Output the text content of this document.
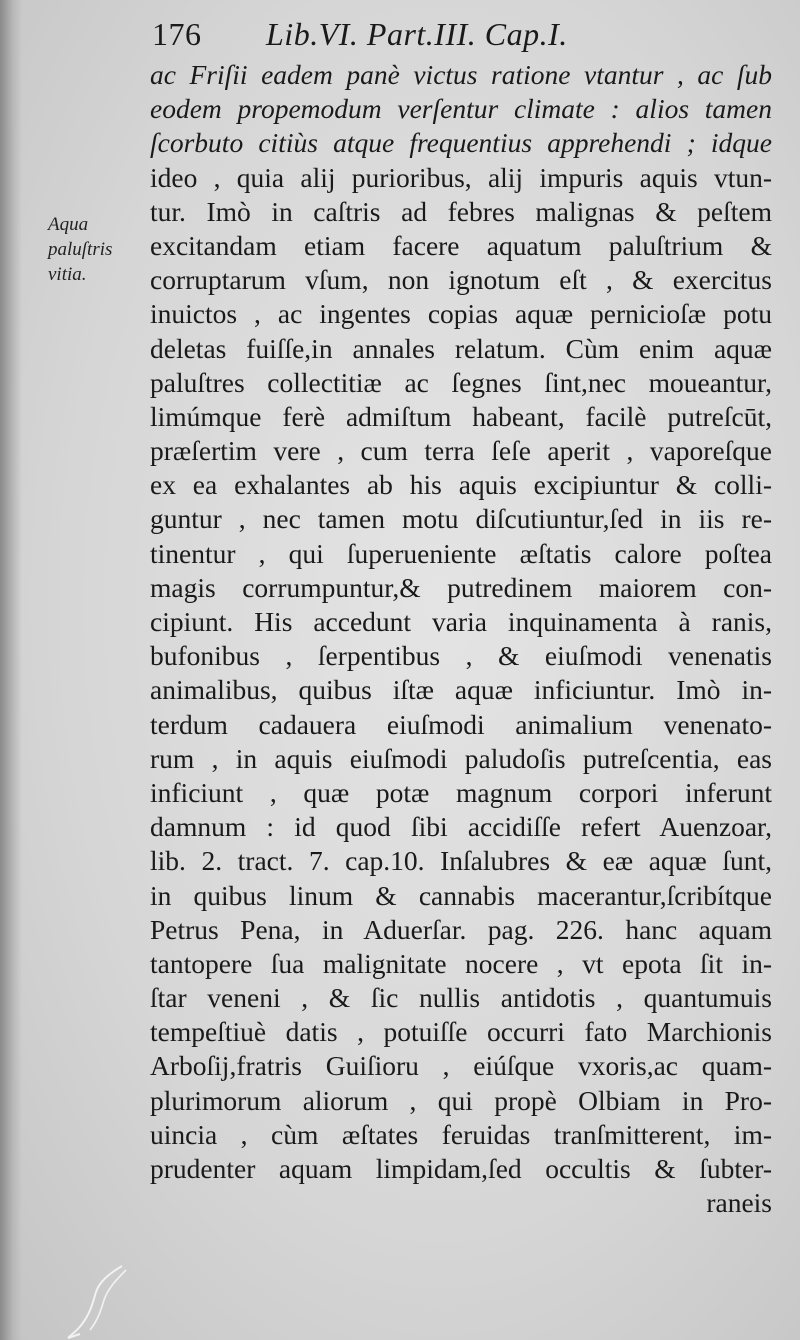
176 Lib.VI. Part.III. Cap.I.
Aqua
paluſtris
vitia.
ac Friſii eadem panè victus ratione vtantur , ac ſub
eodem propemodum verſentur climate : alios tamen
ſcorbuto citiùs atque frequentius apprehendi ; idque
ideo , quia alij purioribus, alij impuris aquis vtun-
tur. Imò in caſtris ad febres malignas & peſtem
excitandam etiam facere aquatum paluſtrium &
corruptarum vſum, non ignotum eſt , & exercitus
inuictos , ac ingentes copias aquæ pernicioſæ potu
deletas fuiſſe,in annales relatum. Cùm enim aquæ
paluſtres collectitiæ ac ſegnes ſint,nec moueantur,
limúmque ferè admiſtum habeant, facilè putreſcūt,
præſertim vere , cum terra ſeſe aperit , vaporeſque
ex ea exhalantes ab his aquis excipiuntur & colli-
guntur , nec tamen motu diſcutiuntur,ſed in iis re-
tinentur , qui ſuperueniente æſtatis calore poſtea
magis corrumpuntur,& putredinem maiorem con-
cipiunt. His accedunt varia inquinamenta à ranis,
bufonibus , ſerpentibus , & eiuſmodi venenatis
animalibus, quibus iſtæ aquæ inficiuntur. Imò in-
terdum cadauera eiuſmodi animalium venenato-
rum , in aquis eiuſmodi paludoſis putreſcentia, eas
inficiunt , quæ potæ magnum corpori inferunt
damnum : id quod ſibi accidiſſe refert Auenzoar,
lib. 2. tract. 7. cap.10. Inſalubres & eæ aquæ ſunt,
in quibus linum & cannabis macerantur,ſcribítque
Petrus Pena, in Aduerſar. pag. 226. hanc aquam
tantopere ſua malignitate nocere , vt epota ſit in-
ſtar veneni , & ſic nullis antidotis , quantumuis
tempeſtiuè datis , potuiſſe occurri fato Marchionis
Arboſij,fratris Guiſioru , eiúſque vxoris,ac quam-
plurimorum aliorum , qui propè Olbiam in Pro-
uincia , cùm æſtates feruidas tranſmitterent, im-
prudenter aquam limpidam,ſed occultis & ſubter-
raneis
